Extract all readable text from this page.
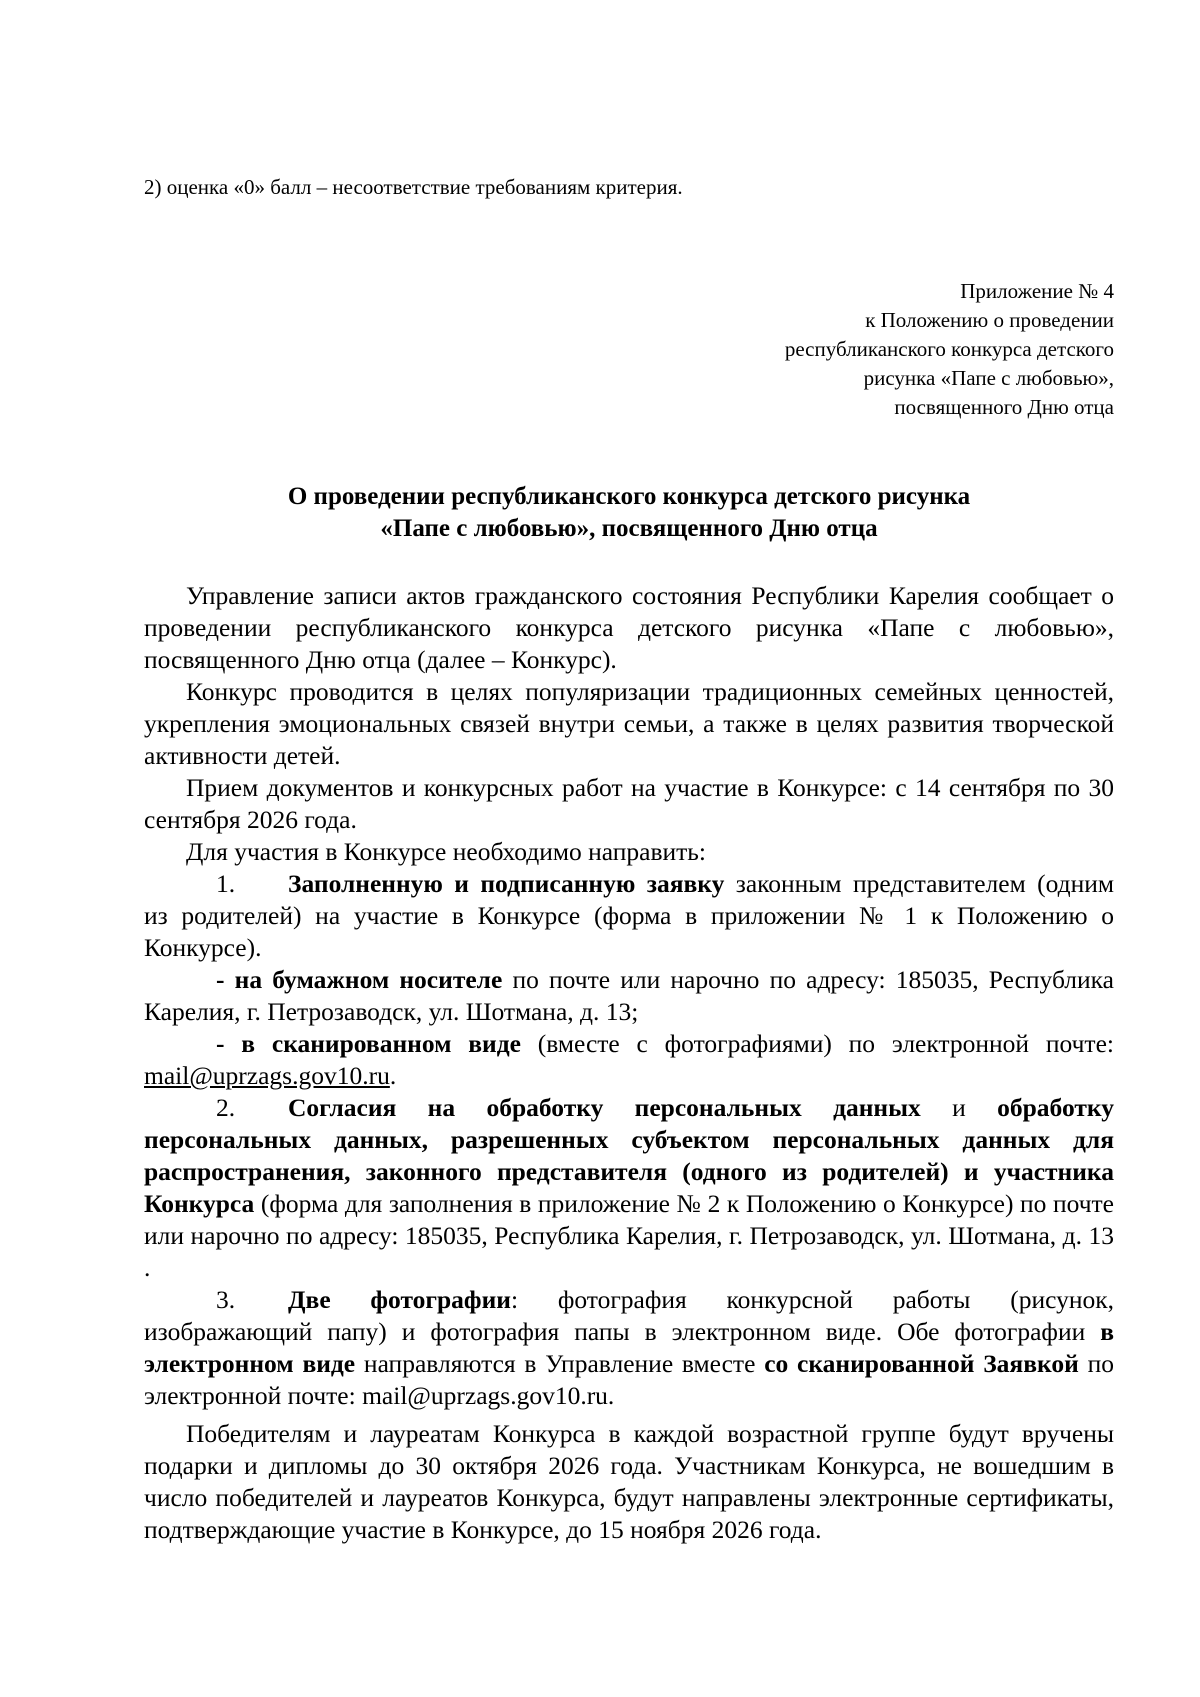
2) оценка «0» балл – несоответствие требованиям критерия.
Приложение № 4
к Положению о проведении
республиканского конкурса детского
рисунка «Папе с любовью»,
посвященного Дню отца
О проведении республиканского конкурса детского рисунка
«Папе с любовью», посвященного Дню отца

Управление записи актов гражданского состояния Республики Карелия сообщает о проведении республиканского конкурса детского рисунка «Папе с любовью», посвященного Дню отца (далее – Конкурс).

Конкурс проводится в целях популяризации традиционных семейных ценностей, укрепления эмоциональных связей внутри семьи, а также в целях развития творческой активности детей.

Прием документов и конкурсных работ на участие в Конкурсе: с 14 сентября по 30 сентября 2026 года.

Для участия в Конкурсе необходимо направить:

1. Заполненную и подписанную заявку законным представителем (одним из родителей) на участие в Конкурсе (форма в приложении № 1 к Положению о Конкурсе).

- на бумажном носителе по почте или нарочно по адресу: 185035, Республика Карелия, г. Петрозаводск, ул. Шотмана, д. 13;

- в сканированном виде (вместе с фотографиями) по электронной почте: mail@uprzags.gov10.ru.

2. Согласия на обработку персональных данных и обработку персональных данных, разрешенных субъектом персональных данных для распространения, законного представителя (одного из родителей) и участника Конкурса (форма для заполнения в приложение № 2 к Положению о Конкурсе) по почте или нарочно по адресу: 185035, Республика Карелия, г. Петрозаводск, ул. Шотмана, д. 13 .

3. Две фотографии: фотография конкурсной работы (рисунок, изображающий папу) и фотография папы в электронном виде. Обе фотографии в электронном виде направляются в Управление вместе со сканированной Заявкой по электронной почте: mail@uprzags.gov10.ru.

Победителям и лауреатам Конкурса в каждой возрастной группе будут вручены подарки и дипломы до 30 октября 2026 года. Участникам Конкурса, не вошедшим в число победителей и лауреатов Конкурса, будут направлены электронные сертификаты, подтверждающие участие в Конкурсе, до 15 ноября 2026 года.
